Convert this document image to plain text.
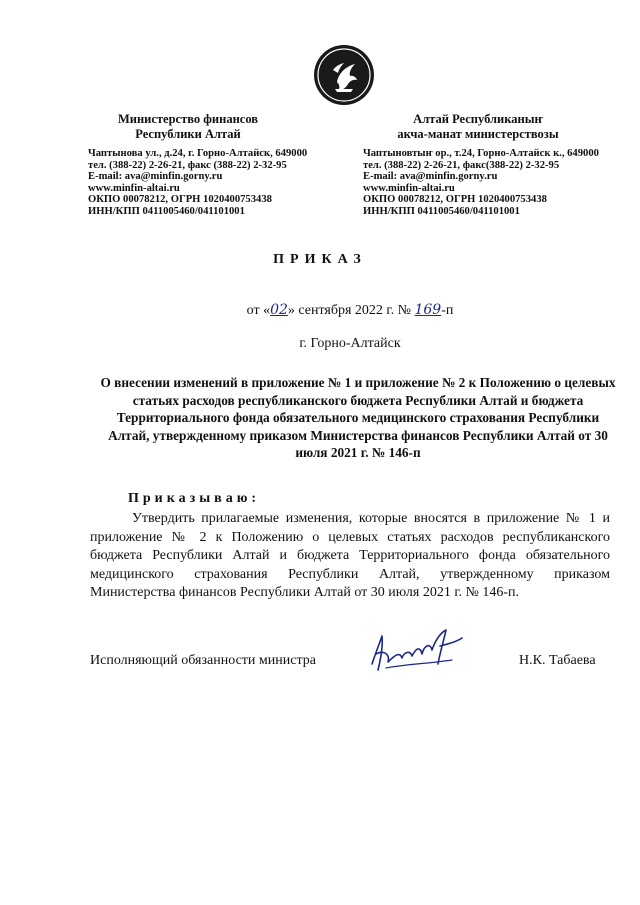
Министерство финансов
Республики Алтай
Чаптынова ул., д.24, г. Горно-Алтайск, 649000
тел. (388-22) 2-26-21, факс (388-22) 2-32-95
E-mail: ava@minfin.gorny.ru
www.minfin-altai.ru
ОКПО 00078212, ОГРН 1020400753438
ИНН/КПП 0411005460/041101001
Алтай Республиканыҥ
акча-манат министерствозы
Чаптыновтыҥ ор., т.24, Горно-Алтайск к., 649000
тел. (388-22) 2-26-21, факс(388-22) 2-32-95
E-mail: ava@minfin.gorny.ru
www.minfin-altai.ru
ОКПО 00078212, ОГРН 1020400753438
ИНН/КПП 0411005460/041101001
ПРИКАЗ
от «02» сентября 2022 г. № 169-п
г. Горно-Алтайск
О внесении изменений в приложение № 1 и приложение № 2 к Положению о целевых статьях расходов республиканского бюджета Республики Алтай и бюджета Территориального фонда обязательного медицинского страхования Республики Алтай, утвержденному приказом Министерства финансов Республики Алтай от 30 июля 2021 г. № 146-п
Приказываю:
Утвердить прилагаемые изменения, которые вносятся в приложение № 1 и приложение № 2 к Положению о целевых статьях расходов республиканского бюджета Республики Алтай и бюджета Территориального фонда обязательного медицинского страхования Республики Алтай, утвержденному приказом Министерства финансов Республики Алтай от 30 июля 2021 г. № 146-п.
Исполняющий обязанности министра	Н.К. Табаева
